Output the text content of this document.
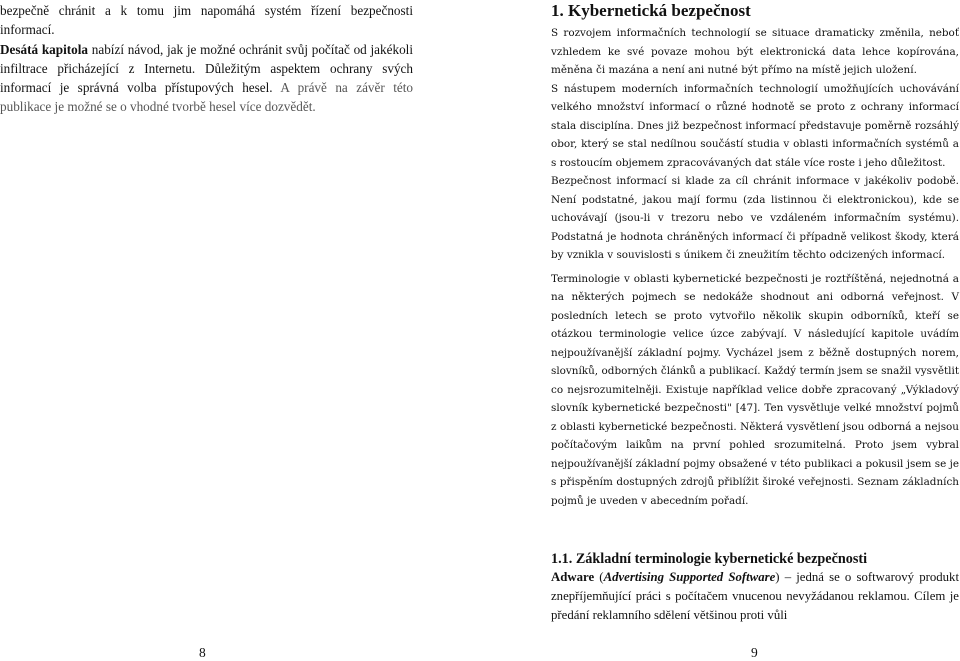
bezpečně chránit a k tomu jim napomáhá systém řízení bezpečnosti informací.

Desátá kapitola nabízí návod, jak je možné ochránit svůj počítač od jakékoli infiltrace přicházející z Internetu. Důležitým aspektem ochrany svých informací je správná volba přístupových hesel. A právě na závěr této publikace je možné se o vhodné tvorbě hesel více dozvědět.

8
1. Kybernetická bezpečnost

S rozvojem informačních technologií se situace dramaticky změnila, neboť vzhledem ke své povaze mohou být elektronická data lehce kopírována, měněna či mazána a není ani nutné být přímo na místě jejich uložení.

S nástupem moderních informačních technologií umožňujících uchovávání velkého množství informací o různé hodnotě se proto z ochrany informací stala disciplína. Dnes již bezpečnost informací představuje poměrně rozsáhlý obor, který se stal nedílnou součástí studia v oblasti informačních systémů a s rostoucím objemem zpracovávaných dat stále více roste i jeho důležitost.

Bezpečnost informací si klade za cíl chránit informace v jakékoliv podobě. Není podstatné, jakou mají formu (zda listinnou či elektronickou), kde se uchovávají (jsou-li v trezoru nebo ve vzdáleném informačním systému). Podstatná je hodnota chráněných informací či případně velikost škody, která by vznikla v souvislosti s únikem či zneužitím těchto odcizených informací.

Terminologie v oblasti kybernetické bezpečnosti je roztříštěná, nejednotná a na některých pojmech se nedokáže shodnout ani odborná veřejnost. V posledních letech se proto vytvořilo několik skupin odborníků, kteří se otázkou terminologie velice úzce zabývají. V následující kapitole uvádím nejpoužívanější základní pojmy. Vycházel jsem z běžně dostupných norem, slovníků, odborných článků a publikací. Každý termín jsem se snažil vysvětlit co nejsrozumitelněji. Existuje například velice dobře zpracovaný „Výkladový slovník kybernetické bezpečnosti" [47]. Ten vysvětluje velké množství pojmů z oblasti kybernetické bezpečnosti. Některá vysvětlení jsou odborná a nejsou počítačovým laikům na první pohled srozumitelná. Proto jsem vybral nejpoužívanější základní pojmy obsažené v této publikaci a pokusil jsem se je s přispěním dostupných zdrojů přiblížit široké veřejnosti. Seznam základních pojmů je uveden v abecedním pořadí.

1.1. Základní terminologie kybernetické bezpečnosti

Adware (Advertising Supported Software) – jedná se o softwarový produkt znepříjemňující práci s počítačem vnucenou nevyžádanou reklamou. Cílem je předání reklamního sdělení většinou proti vůli

9
